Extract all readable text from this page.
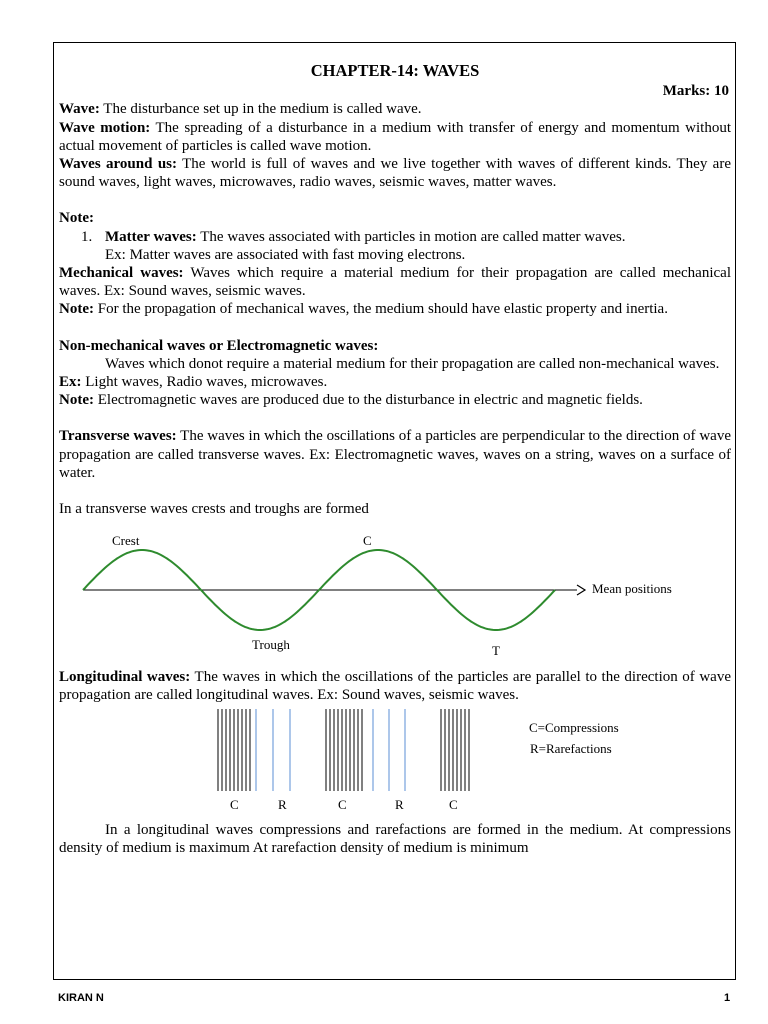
CHAPTER-14: WAVES
Marks: 10

Wave: The disturbance set up in the medium is called wave.

Wave motion: The spreading of a disturbance in a medium with transfer of energy and momentum without actual movement of particles is called wave motion.

Waves around us: The world is full of waves and we live together with waves of different kinds. They are sound waves, light waves, microwaves, radio waves, seismic waves, matter waves.

Note:

1. Matter waves: The waves associated with particles in motion are called matter waves.

Ex: Matter waves are associated with fast moving electrons.

Mechanical waves: Waves which require a material medium for their propagation are called mechanical waves. Ex: Sound waves, seismic waves.

Note: For the propagation of mechanical waves, the medium should have elastic property and inertia.

Non-mechanical waves or Electromagnetic waves:

Waves which donot require a material medium for their propagation are called non-mechanical waves.

Ex: Light waves, Radio waves, microwaves.

Note: Electromagnetic waves are produced due to the disturbance in electric and magnetic fields.

Transverse waves: The waves in which the oscillations of a particles are perpendicular to the direction of wave propagation are called transverse waves. Ex: Electromagnetic waves, waves on a string, waves on a surface of water.

In a transverse waves crests and troughs are formed

Crest	C
Mean positions
Trough	T

Longitudinal waves: The waves in which the oscillations of the particles are parallel to the direction of wave propagation are called longitudinal waves. Ex: Sound waves, seismic waves.

C=Compressions
R=Rarefactions
C	R	C	R	C

In a longitudinal waves compressions and rarefactions are formed in the medium. At compressions density of medium is maximum At rarefaction density of medium is minimum

KIRAN N	1
